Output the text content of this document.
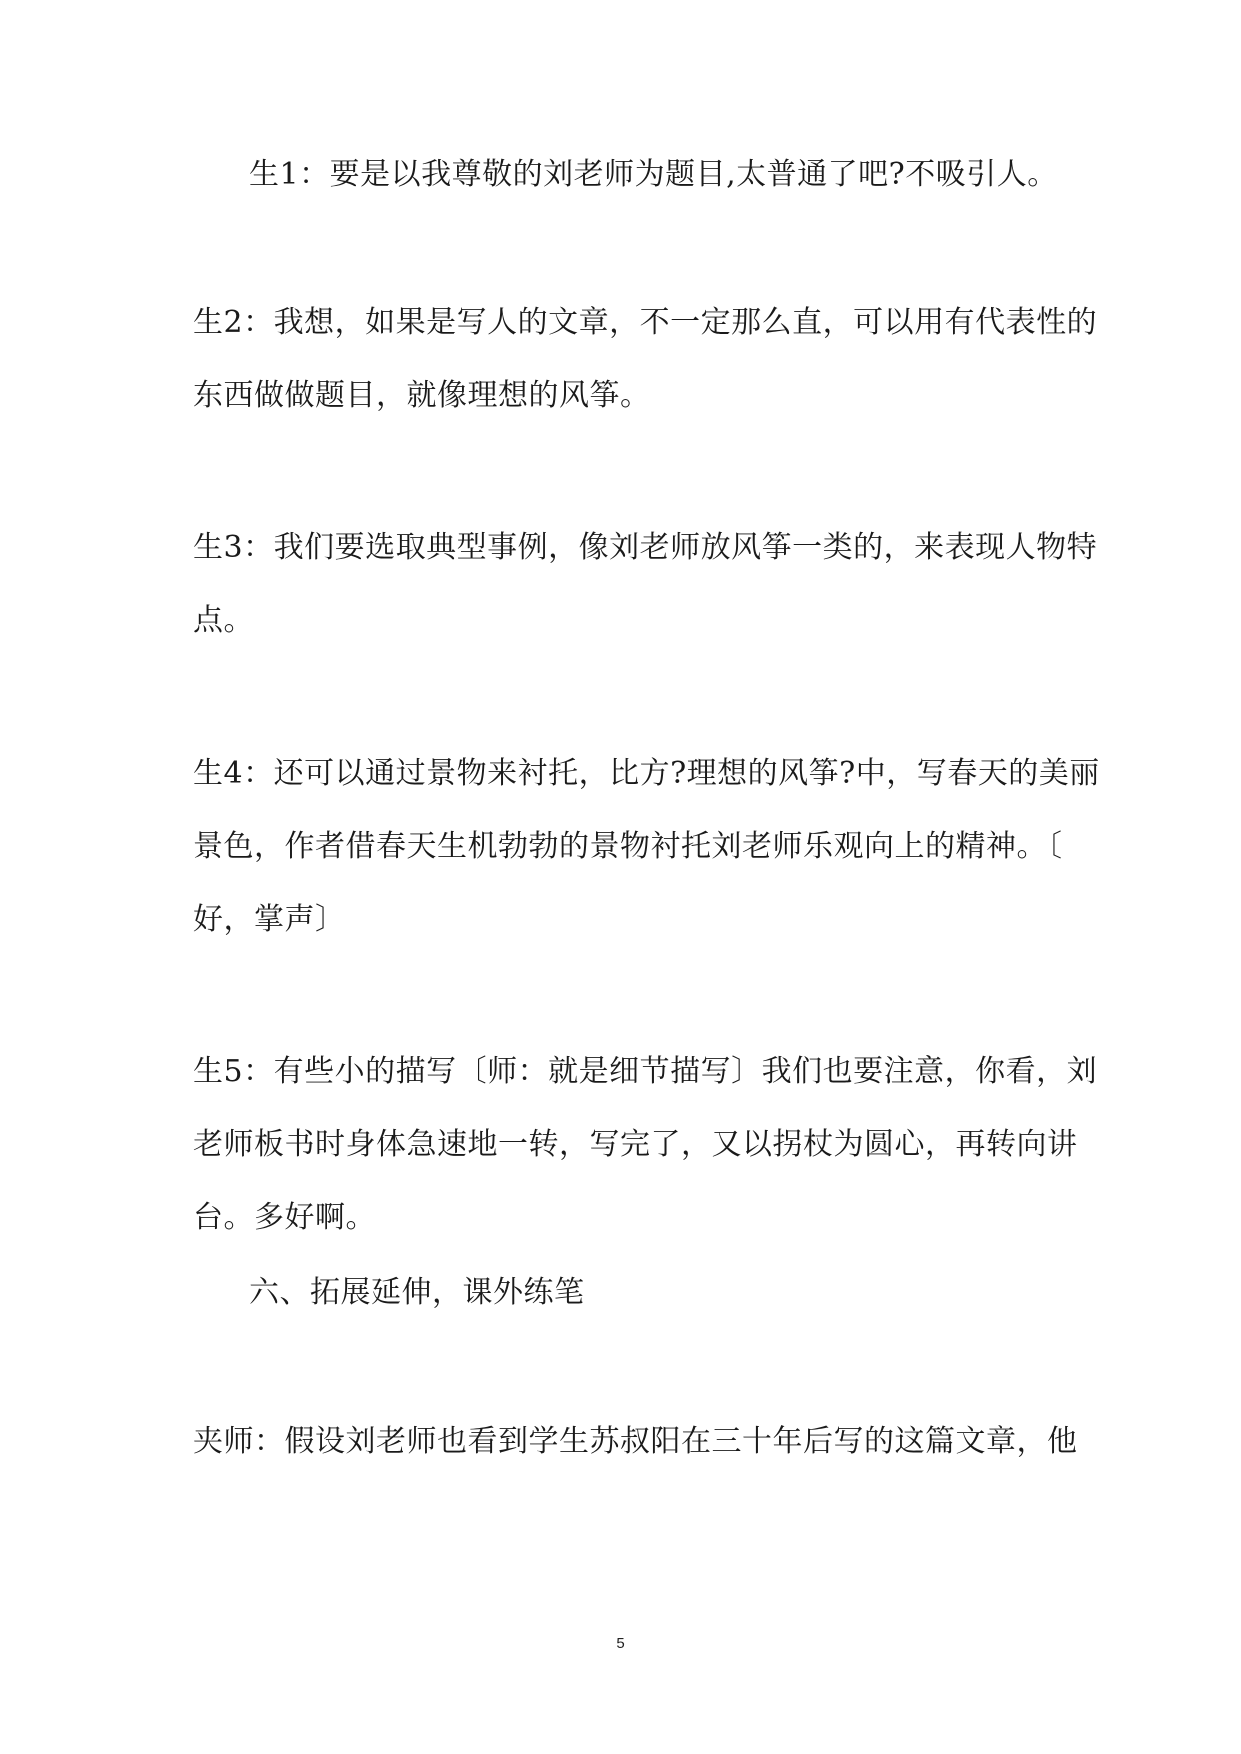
生1：要是以我尊敬的刘老师为题目,太普通了吧?不吸引人。
生2：我想，如果是写人的文章，不一定那么直，可以用有代表性的
东西做做题目，就像理想的风筝。
生3：我们要选取典型事例，像刘老师放风筝一类的，来表现人物特
点。
生4：还可以通过景物来衬托，比方?理想的风筝?中，写春天的美丽
景色，作者借春天生机勃勃的景物衬托刘老师乐观向上的精神。〔
好，掌声〕
生5：有些小的描写〔师：就是细节描写〕我们也要注意，你看，刘
老师板书时身体急速地一转，写完了，又以拐杖为圆心，再转向讲
台。多好啊。
六、拓展延伸，课外练笔
夹师：假设刘老师也看到学生苏叔阳在三十年后写的这篇文章，他
5
